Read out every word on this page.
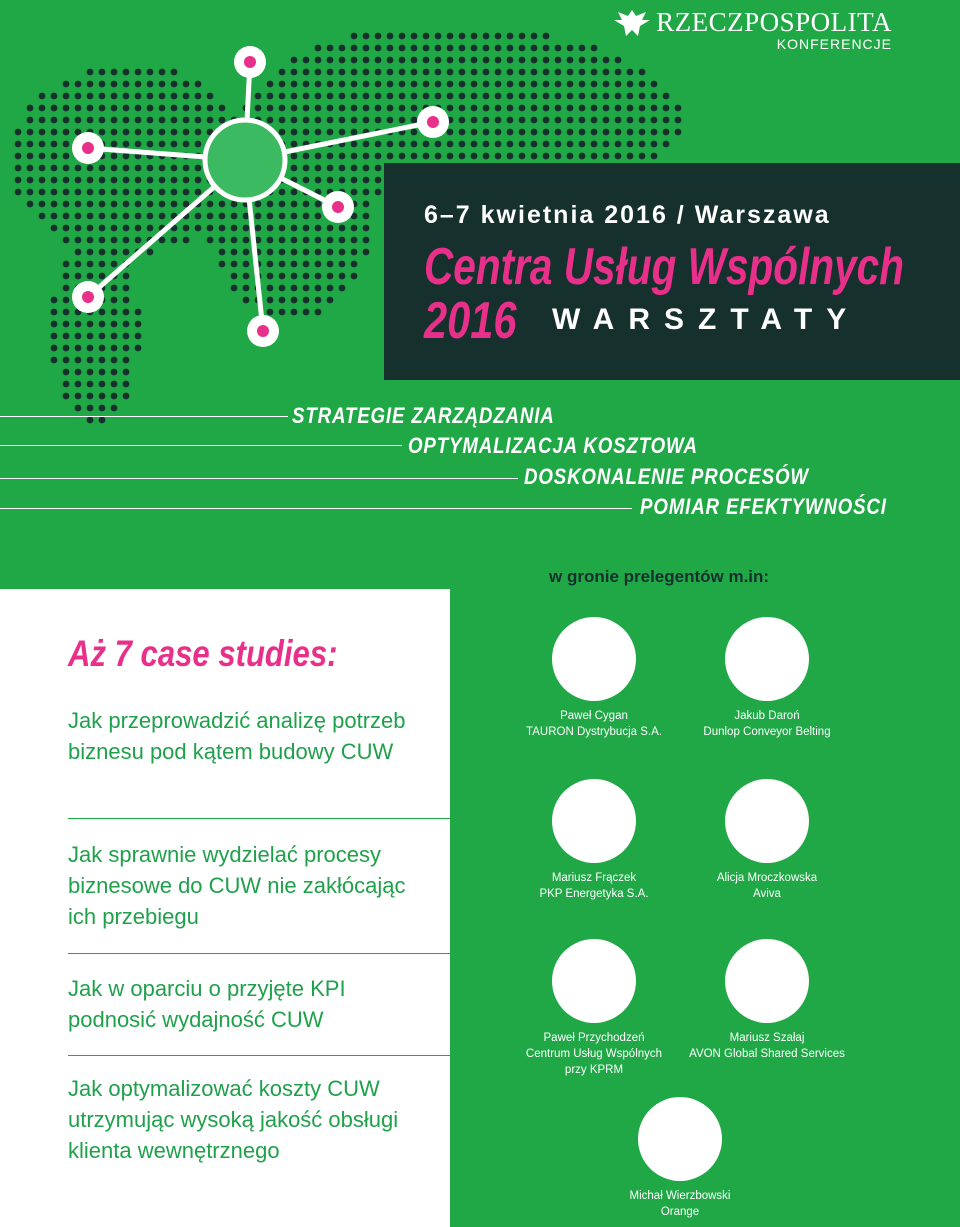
RZECZPOSPOLITA
KONFERENCJE
6–7 kwietnia 2016 / Warszawa
Centra Usług Wspólnych
2016 WARSZTATY
STRATEGIE ZARZĄDZANIA
OPTYMALIZACJA KOSZTOWA
DOSKONALENIE PROCESÓW
POMIAR EFEKTYWNOŚCI
Aż 7 case studies:
Jak przeprowadzić analizę potrzeb biznesu pod kątem budowy CUW
Jak sprawnie wydzielać procesy biznesowe do CUW nie zakłócając ich przebiegu
Jak w oparciu o przyjęte KPI podnosić wydajność CUW
Jak optymalizować koszty CUW utrzymując wysoką jakość obsługi klienta wewnętrznego
w gronie prelegentów m.in:
Paweł Cygan
TAURON Dystrybucja S.A.
Jakub Daroń
Dunlop Conveyor Belting
Mariusz Frączek
PKP Energetyka S.A.
Alicja Mroczkowska
Aviva
Paweł Przychodzeń
Centrum Usług Wspólnych przy KPRM
Mariusz Szałaj
AVON Global Shared Services
Michał Wierzbowski
Orange
